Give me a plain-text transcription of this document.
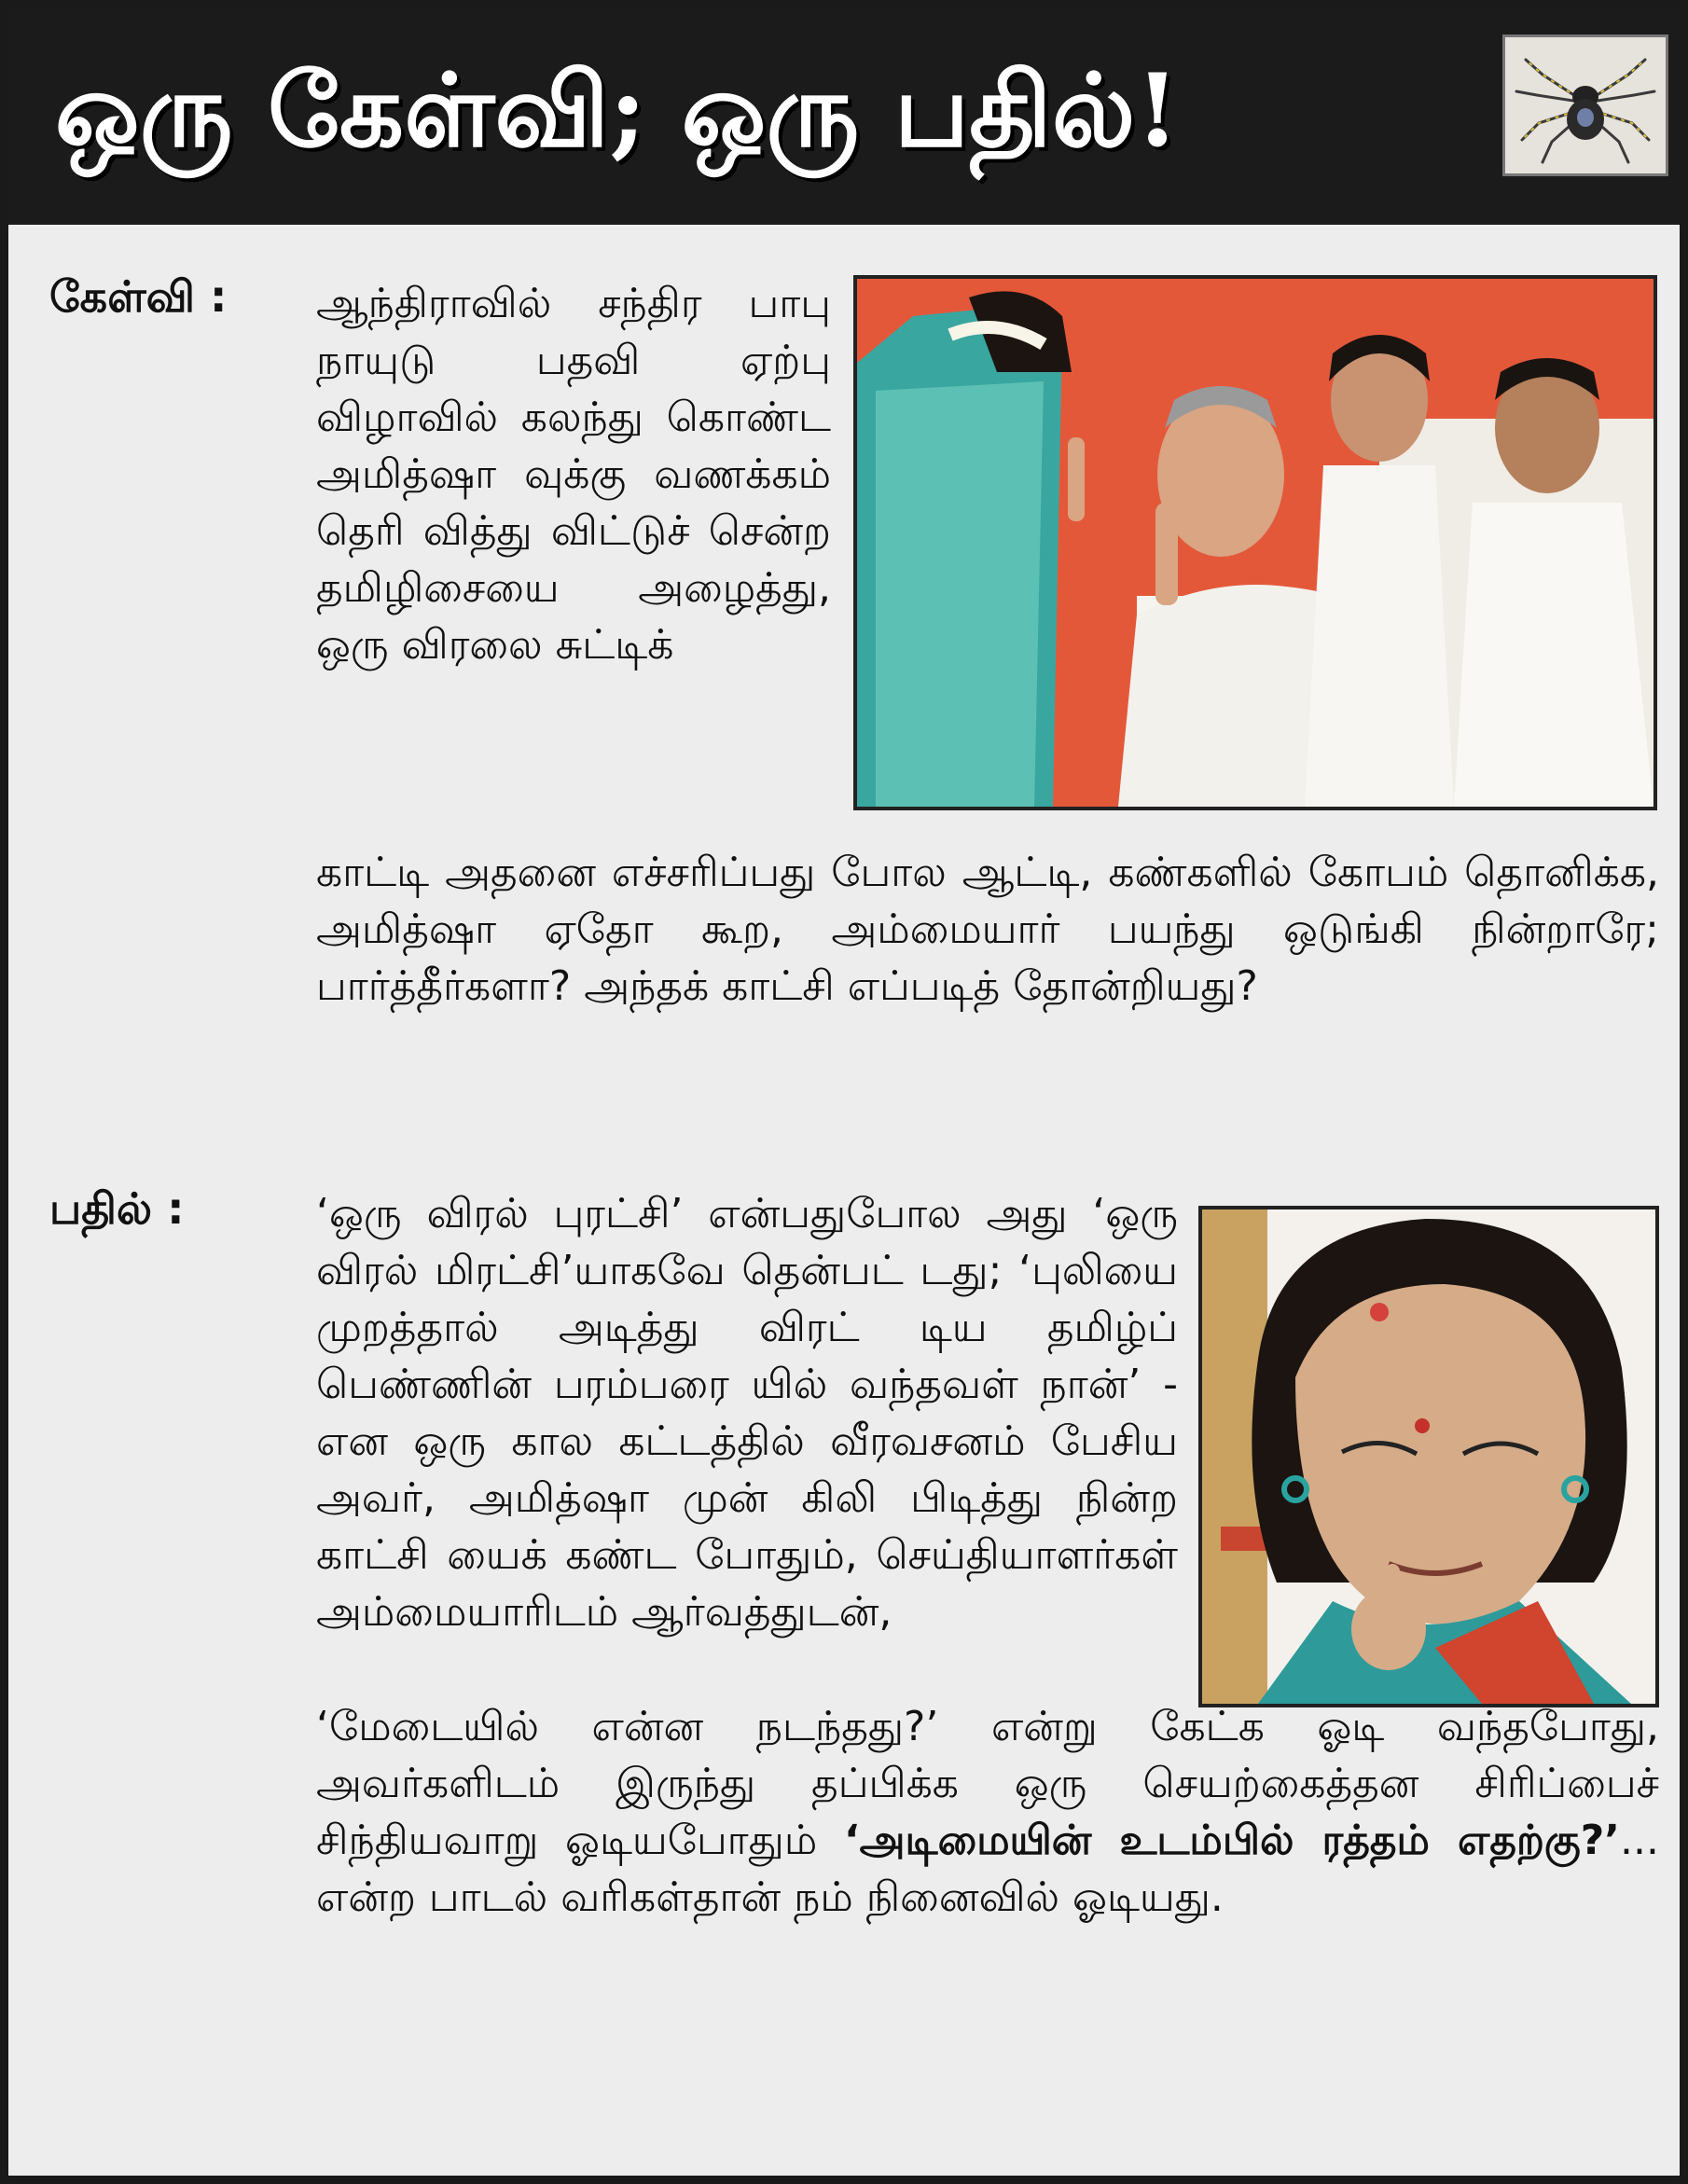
ஒரு கேள்வி; ஒரு பதில்!
கேள்வி : ஆந்திராவில் சந்திர பாபு நாயுடு பதவி ஏற்பு விழாவில் கலந்து கொண்ட அமித்ஷா வுக்கு வணக்கம் தெரி வித்து விட்டுச் சென்ற தமிழிசையை அழைத்து, ஒரு விரலை சுட்டிக்
காட்டி அதனை எச்சரிப்பது போல ஆட்டி, கண்களில் கோபம் தொனிக்க, அமித்ஷா ஏதோ கூற, அம்மையார் பயந்து ஒடுங்கி நின்றாரே; பார்த்தீர்களா? அந்தக் காட்சி எப்படித் தோன்றியது?
பதில் :	‘ஒரு விரல் புரட்சி’ என்பதுபோல அது ‘ஒரு விரல் மிரட்சி’யாகவே தென்பட் டது; ‘புலியை முறத்தால் அடித்து விரட் டிய தமிழ்ப் பெண்ணின் பரம்பரை யில் வந்தவள் நான்’ - என ஒரு கால கட்டத்தில் வீரவசனம் பேசிய அவர், அமித்ஷா முன் கிலி பிடித்து நின்ற காட்சி யைக் கண்ட போதும், செய்தியாளர்கள் அம்மையாரிடம் ஆர்வத்துடன்,
‘மேடையில் என்ன நடந்தது?’ என்று கேட்க ஓடி வந்தபோது, அவர்களிடம் இருந்து தப்பிக்க ஒரு செயற்கைத்தன சிரிப்பைச் சிந்தியவாறு ஓடியபோதும் ‘அடிமையின் உடம்பில் ரத்தம் எதற்கு?’... என்ற பாடல் வரிகள்தான் நம் நினைவில் ஓடியது.
